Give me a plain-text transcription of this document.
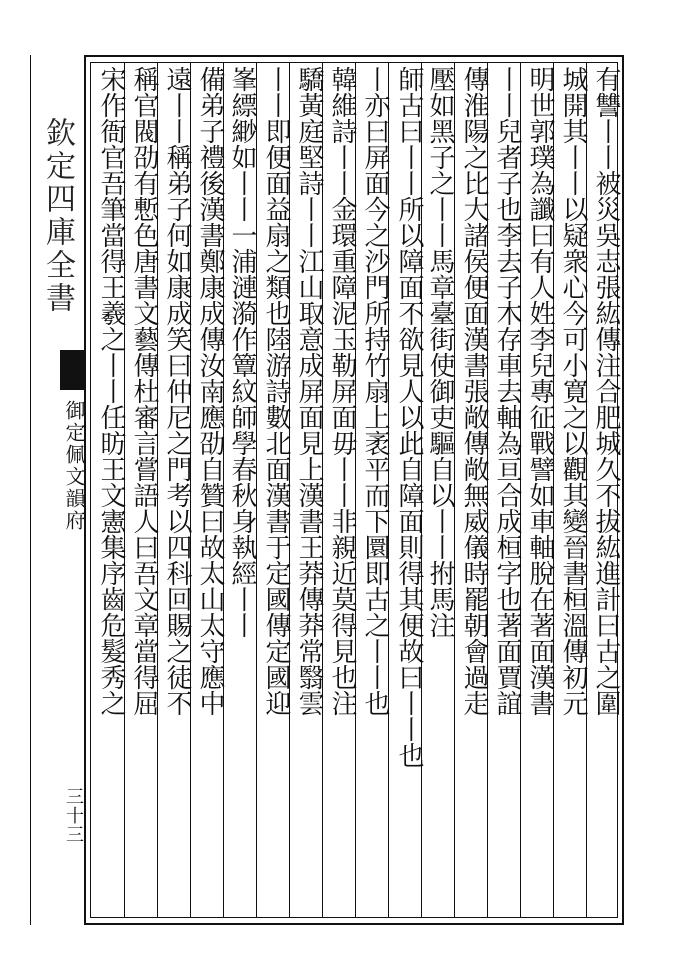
欽定四庫全書
御定佩文韻府
三十三
有讐丨丨被災吳志張紘傳注合肥城久不拔紘進計曰古之圍
城開其丨丨以疑衆心今可小寛之以觀其變晉書桓溫傳初元
明世郭璞為讖曰有人姓李兒專征戰譬如車軸脫在著面漢書
丨丨兒者子也李去子木存車去軸為亘合成桓字也著面賈誼
傳淮陽之比大諸侯便面漢書張敞傳敞無威儀時罷朝會過走
壓如黑子之丨丨馬章臺街使御吏驅自以丨丨拊馬注
師古曰丨丨所以障面不欲見人以此自障面則得其便故曰丨丨也
丨亦曰屏面今之沙門所持竹扇上袤平而下圜即古之丨丨也
韓維詩丨丨金環重障泥玉勒屏面毋丨丨非親近莫得見也注
驕黃庭堅詩丨丨江山取意成屏面見上漢書王莽傳莽常翳雲
丨丨即便面益扇之類也陸游詩數北面漢書于定國傳定國迎
峯縹緲如丨丨一浦漣漪作簟紋師學春秋身執經丨丨
備弟子禮後漢書鄭康成傳汝南應劭自贊曰故太山太守應中
遠丨丨稱弟子何如康成笑曰仲尼之門考以四科回賜之徒不
稱官閥劭有慙色唐書文藝傳杜審言嘗語人曰吾文章當得屈
宋作衙官吾筆當得王羲之丨丨任昉王文憲集序齒危髮秀之
